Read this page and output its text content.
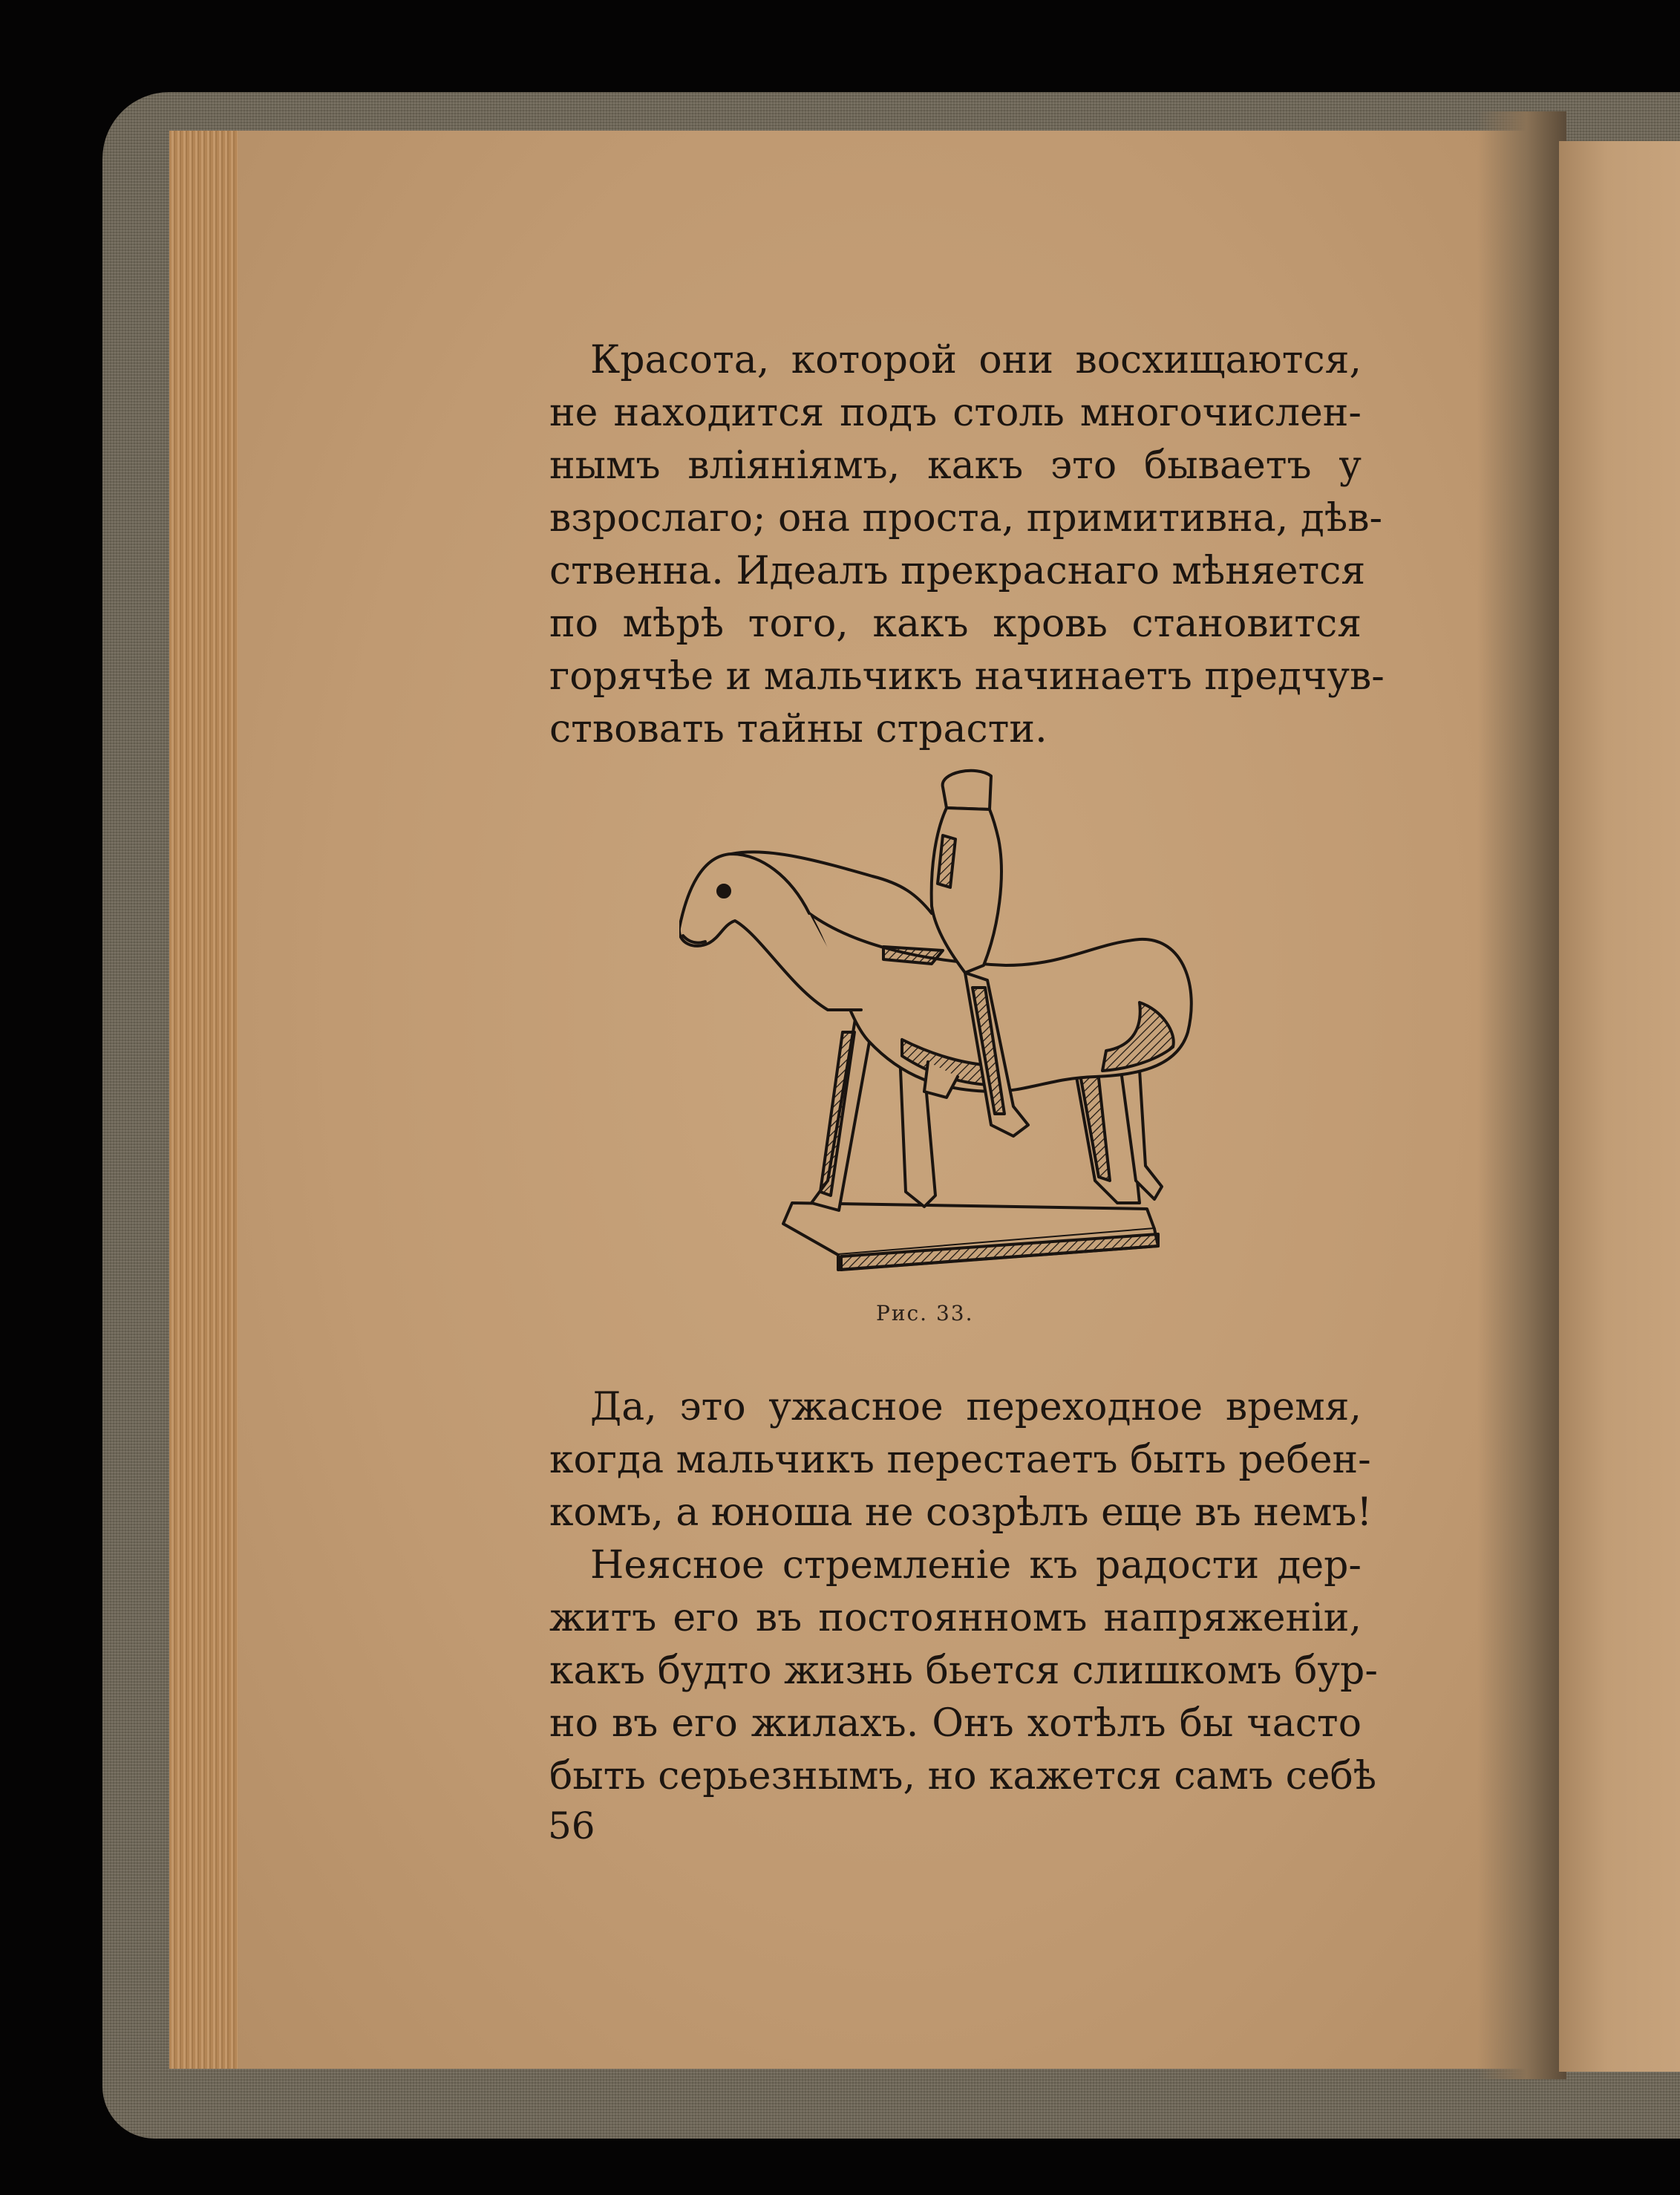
Красота, которой они восхищаются,
не находится подъ столь многочислен-
нымъ вліяніямъ, какъ это бываетъ у
взрослаго; она проста, примитивна, дѣв-
ственна. Идеалъ прекраснаго мѣняется
по мѣрѣ того, какъ кровь становится
горячѣе и мальчикъ начинаетъ предчув-
ствовать тайны страсти.
Рис. 33.
Да, это ужасное переходное время,
когда мальчикъ перестаетъ быть ребен-
комъ, а юноша не созрѣлъ еще въ немъ!
Неясное стремленіе къ радости дер-
житъ его въ постоянномъ напряженіи,
какъ будто жизнь бьется слишкомъ бур-
но въ его жилахъ. Онъ хотѣлъ бы часто
быть серьезнымъ, но кажется самъ себѣ
56
